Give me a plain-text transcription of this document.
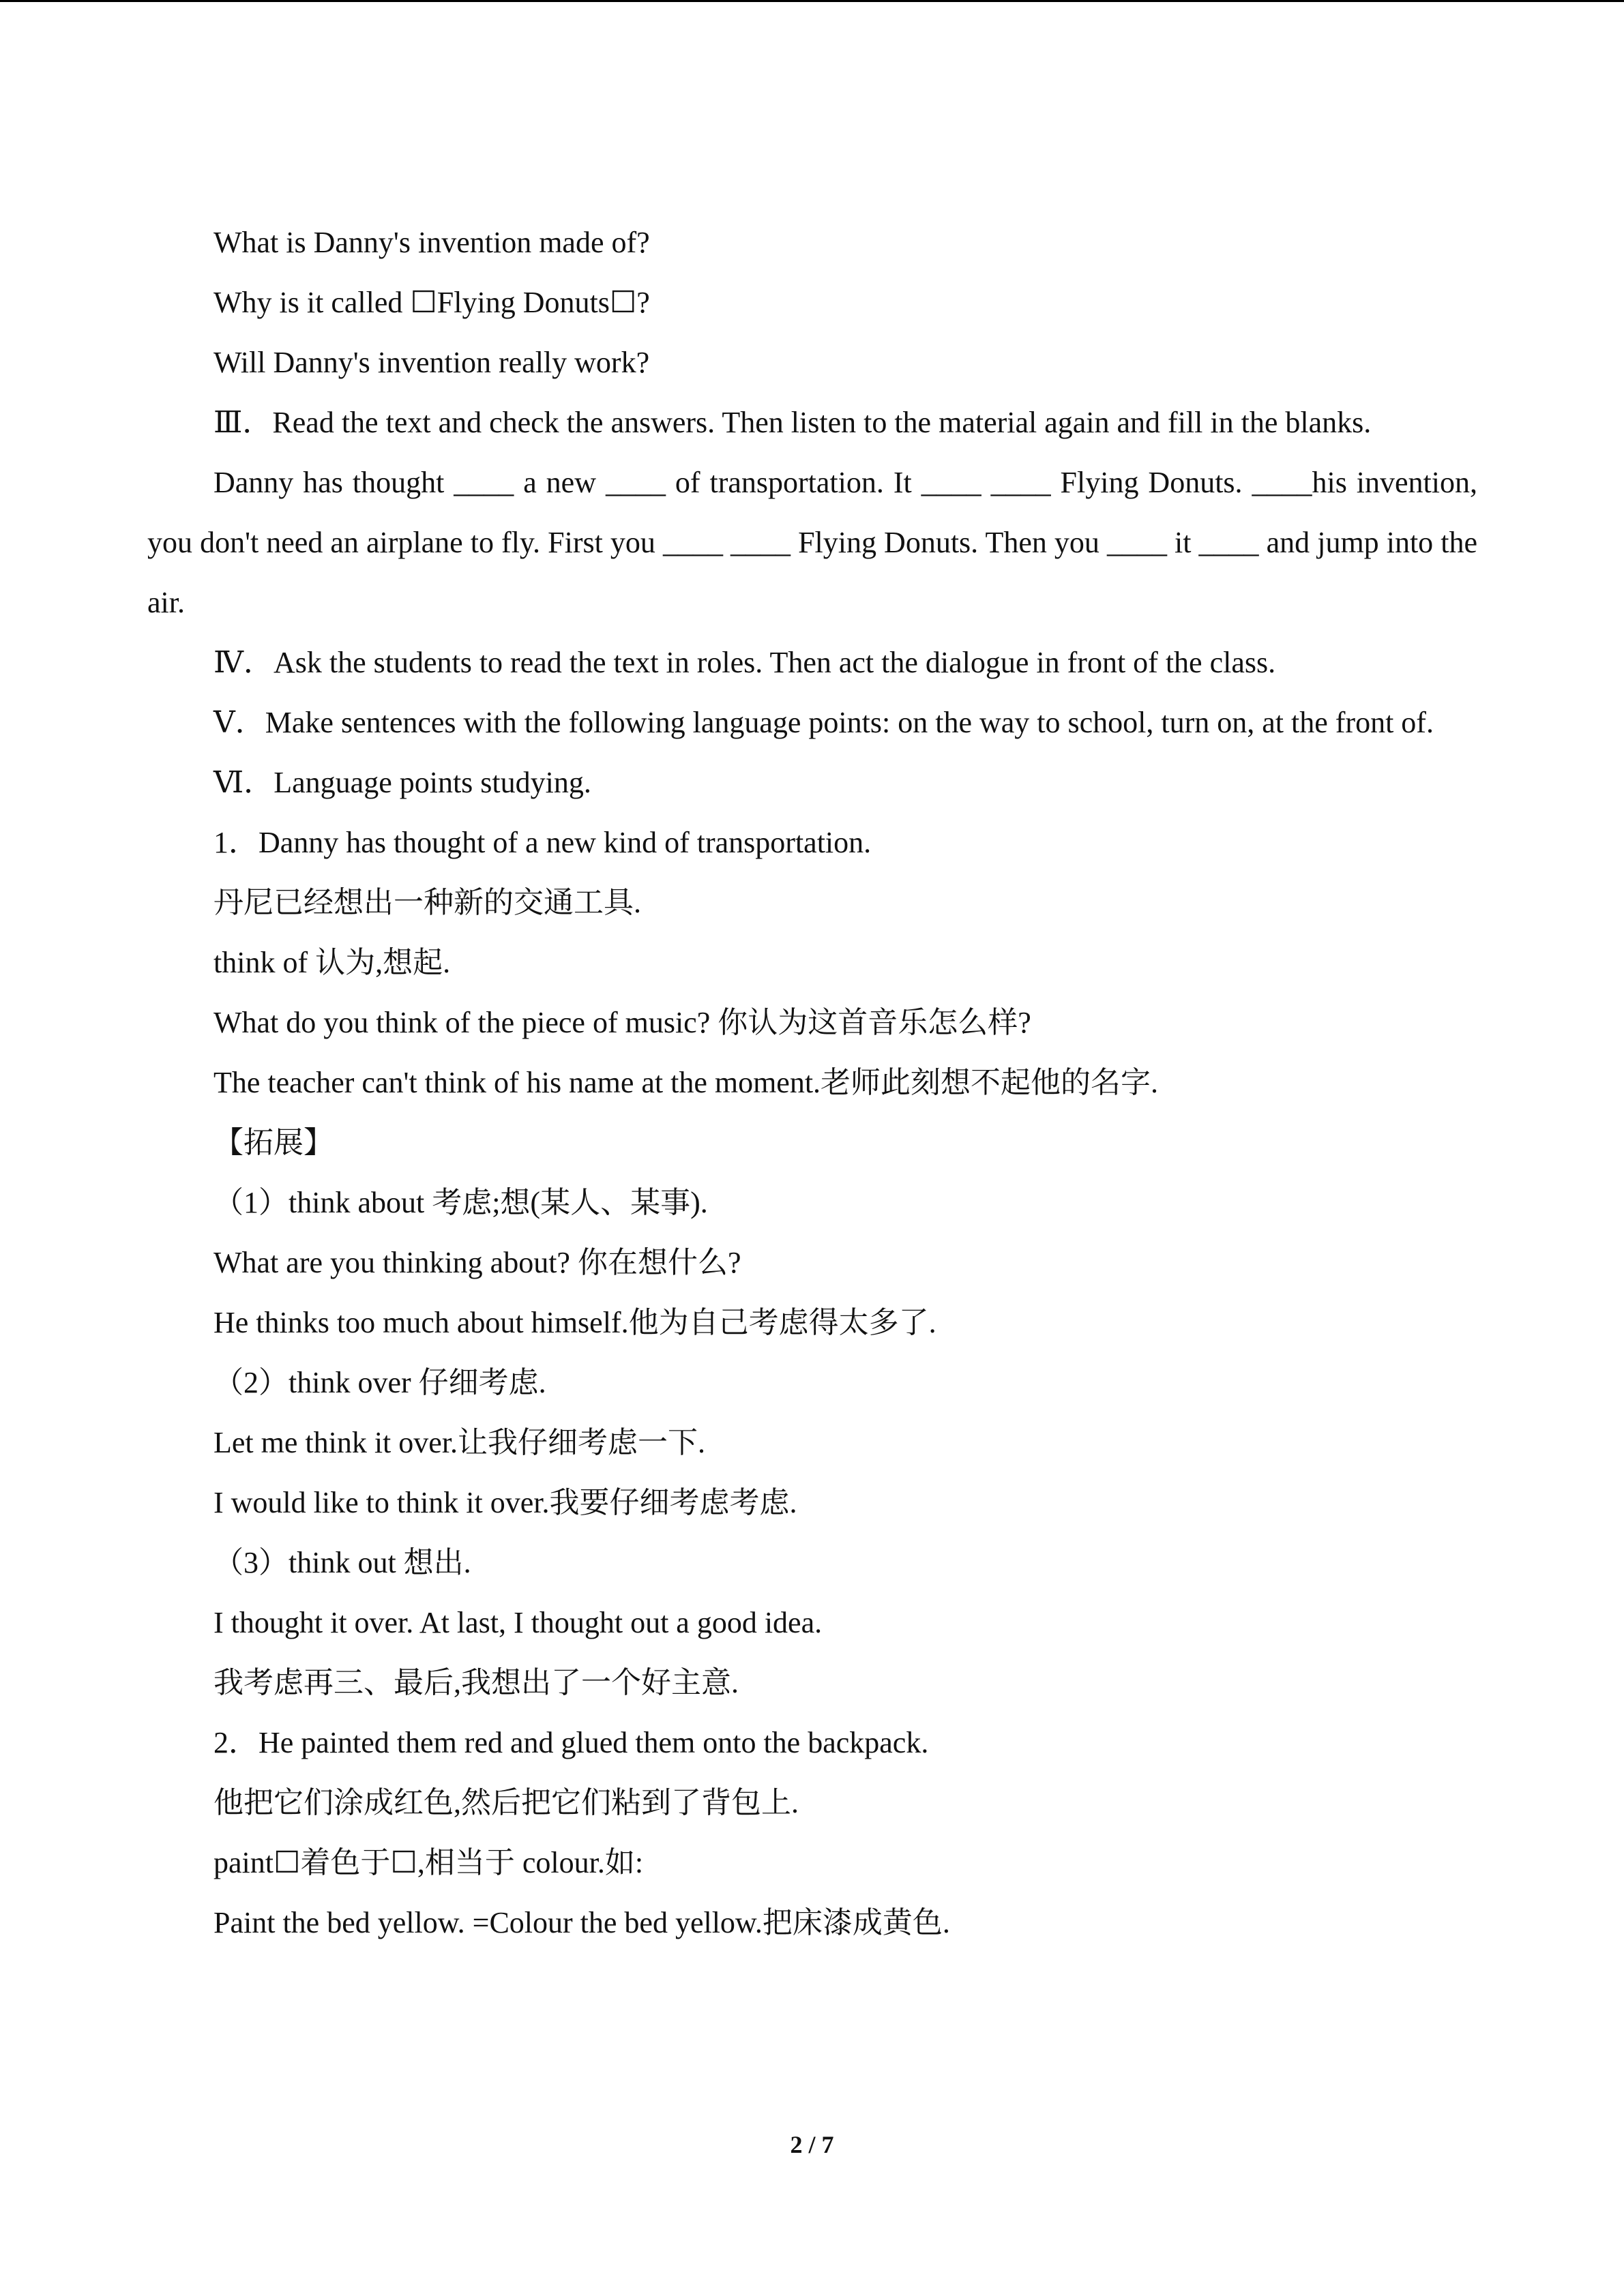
What is Danny's invention made of?

Why is it called ☐Flying Donuts☐?

Will Danny's invention really work?

Ⅲ．Read the text and check the answers. Then listen to the material again and fill in the blanks.

Danny has thought ____ a new ____ of transportation. It ____ ____ Flying Donuts. ____his invention, you don't need an airplane to fly. First you ____ ____ Flying Donuts. Then you ____ it ____ and jump into the air.

Ⅳ．Ask the students to read the text in roles. Then act the dialogue in front of the class.

Ⅴ．Make sentences with the following language points: on the way to school, turn on, at the front of.

Ⅵ．Language points studying.

1．Danny has thought of a new kind of transportation.

丹尼已经想出一种新的交通工具.

think of 认为,想起.

What do you think of the piece of music? 你认为这首音乐怎么样?

The teacher can't think of his name at the moment.老师此刻想不起他的名字.

【拓展】

（1）think about 考虑;想(某人、某事).

What are you thinking about? 你在想什么?

He thinks too much about himself.他为自己考虑得太多了.

（2）think over 仔细考虑.

Let me think it over.让我仔细考虑一下.

I would like to think it over.我要仔细考虑考虑.

（3）think out 想出.

I thought it over. At last, I thought out a good idea.

我考虑再三、最后,我想出了一个好主意.

2．He painted them red and glued them onto the backpack.

他把它们涂成红色,然后把它们粘到了背包上.

paint☐着色于☐,相当于 colour.如:

Paint the bed yellow. =Colour the bed yellow.把床漆成黄色.

2 / 7
